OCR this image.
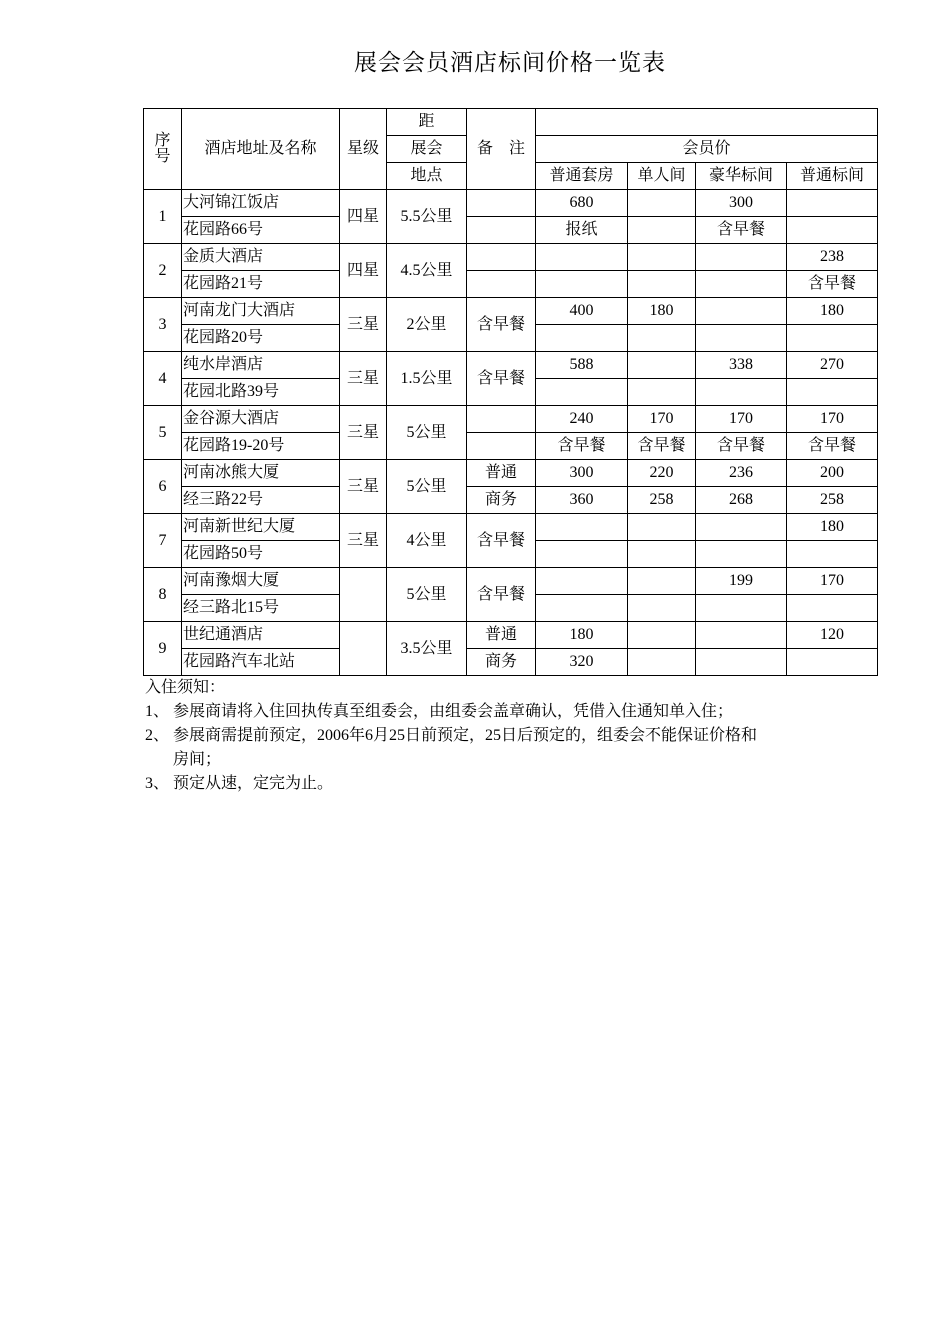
展会会员酒店标间价格一览表
序号	酒店地址及名称	星级	距	备　注				
			展会		会员价			
			地点		普通套房	单人间	豪华标间	普通标间
1	大河锦江饭店	四星	5.5公里		680		300	
	花园路66号				报纸		含早餐	
2	金质大酒店	四星	4.5公里					238
	花园路21号							含早餐
3	河南龙门大酒店	三星	2公里	含早餐	400	180		180
	花园路20号							
4	纯水岸酒店	三星	1.5公里	含早餐	588		338	270
	花园北路39号							
5	金谷源大酒店	三星	5公里		240	170	170	170
	花园路19-20号				含早餐	含早餐	含早餐	含早餐
6	河南冰熊大厦	三星	5公里	普通	300	220	236	200
	经三路22号			商务	360	258	268	258
7	河南新世纪大厦	三星	4公里	含早餐				180
	花园路50号							
8	河南豫烟大厦		5公里	含早餐			199	170
	经三路北15号							
9	世纪通酒店		3.5公里	普通	180			120
	花园路汽车北站			商务	320			
入住须知：
1、 参展商请将入住回执传真至组委会，由组委会盖章确认，凭借入住通知单入住；
2、 参展商需提前预定，2006年6月25日前预定，25日后预定的，组委会不能保证价格和
房间；
3、 预定从速，定完为止。
